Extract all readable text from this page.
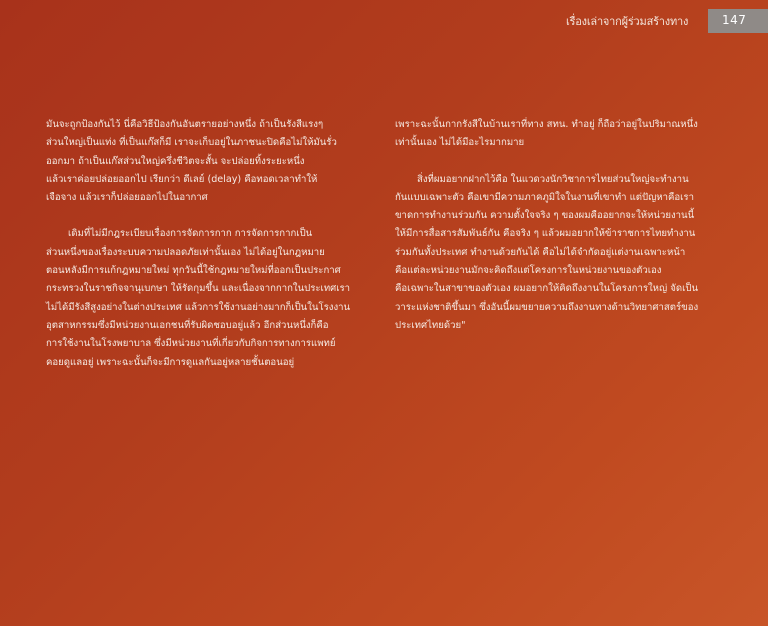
เรื่องเล่าจากผู้ร่วมสร้างทาง	147

มันจะถูกป้องกันไว้ นี่คือวิธีป้องกันอันตรายอย่างหนึ่ง ถ้าเป็นรังสีแรงๆ
ส่วนใหญ่เป็นแท่ง ที่เป็นแก๊สก็มี เราจะเก็บอยู่ในภาชนะปิดคือไม่ให้มันรั่ว
ออกมา ถ้าเป็นแก๊สส่วนใหญ่ครึ่งชีวิตจะสั้น จะปล่อยทิ้งระยะหนึ่ง
แล้วเราค่อยปล่อยออกไป เรียกว่า ดีเลย์ (delay) คือทอดเวลาทำให้
เจือจาง แล้วเราก็ปล่อยออกไปในอากาศ

เดิมที่ไม่มีกฎระเบียบเรื่องการจัดการกาก การจัดการกากเป็น
ส่วนหนึ่งของเรื่องระบบความปลอดภัยเท่านั้นเอง ไม่ได้อยู่ในกฎหมาย
ตอนหลังมีการแก้กฎหมายใหม่ ทุกวันนี้ใช้กฎหมายใหม่ที่ออกเป็นประกาศ
กระทรวงในราชกิจจานุเบกษา ให้รัดกุมขึ้น และเนื่องจากกากในประเทศเรา
ไม่ได้มีรังสีสูงอย่างในต่างประเทศ แล้วการใช้งานอย่างมากก็เป็นในโรงงาน
อุตสาหกรรมซึ่งมีหน่วยงานเอกชนที่รับผิดชอบอยู่แล้ว อีกส่วนหนึ่งก็คือ
การใช้งานในโรงพยาบาล ซึ่งมีหน่วยงานที่เกี่ยวกับกิจการทางการแพทย์
คอยดูแลอยู่ เพราะฉะนั้นก็จะมีการดูแลกันอยู่หลายชั้นตอนอยู่

เพราะฉะนั้นกากรังสีในบ้านเราที่ทาง สทน. ทำอยู่ ก็ถือว่าอยู่ในปริมาณหนึ่ง
เท่านั้นเอง ไม่ได้มีอะไรมากมาย

สิ่งที่ผมอยากฝากไว้คือ ในแวดวงนักวิชาการไทยส่วนใหญ่จะทำงาน
กันแบบเฉพาะตัว คือเขามีความภาคภูมิใจในงานที่เขาทำ แต่ปัญหาคือเรา
ขาดการทำงานร่วมกัน ความตั้งใจจริง ๆ ของผมคืออยากจะให้หน่วยงานนี้
ให้มีการสื่อสารสัมพันธ์กัน คือจริง ๆ แล้วผมอยากให้ข้าราชการไทยทำงาน
ร่วมกันทั้งประเทศ ทำงานด้วยกันได้ คือไม่ได้จำกัดอยู่แต่งานเฉพาะหน้า
คือแต่ละหน่วยงานมักจะคิดถึงแต่โครงการในหน่วยงานของตัวเอง
คือเฉพาะในสาขาของตัวเอง ผมอยากให้คิดถึงงานในโครงการใหญ่ จัดเป็น
วาระแห่งชาติขึ้นมา ซึ่งอันนี้ผมขยายความถึงงานทางด้านวิทยาศาสตร์ของ
ประเทศไทยด้วย"
